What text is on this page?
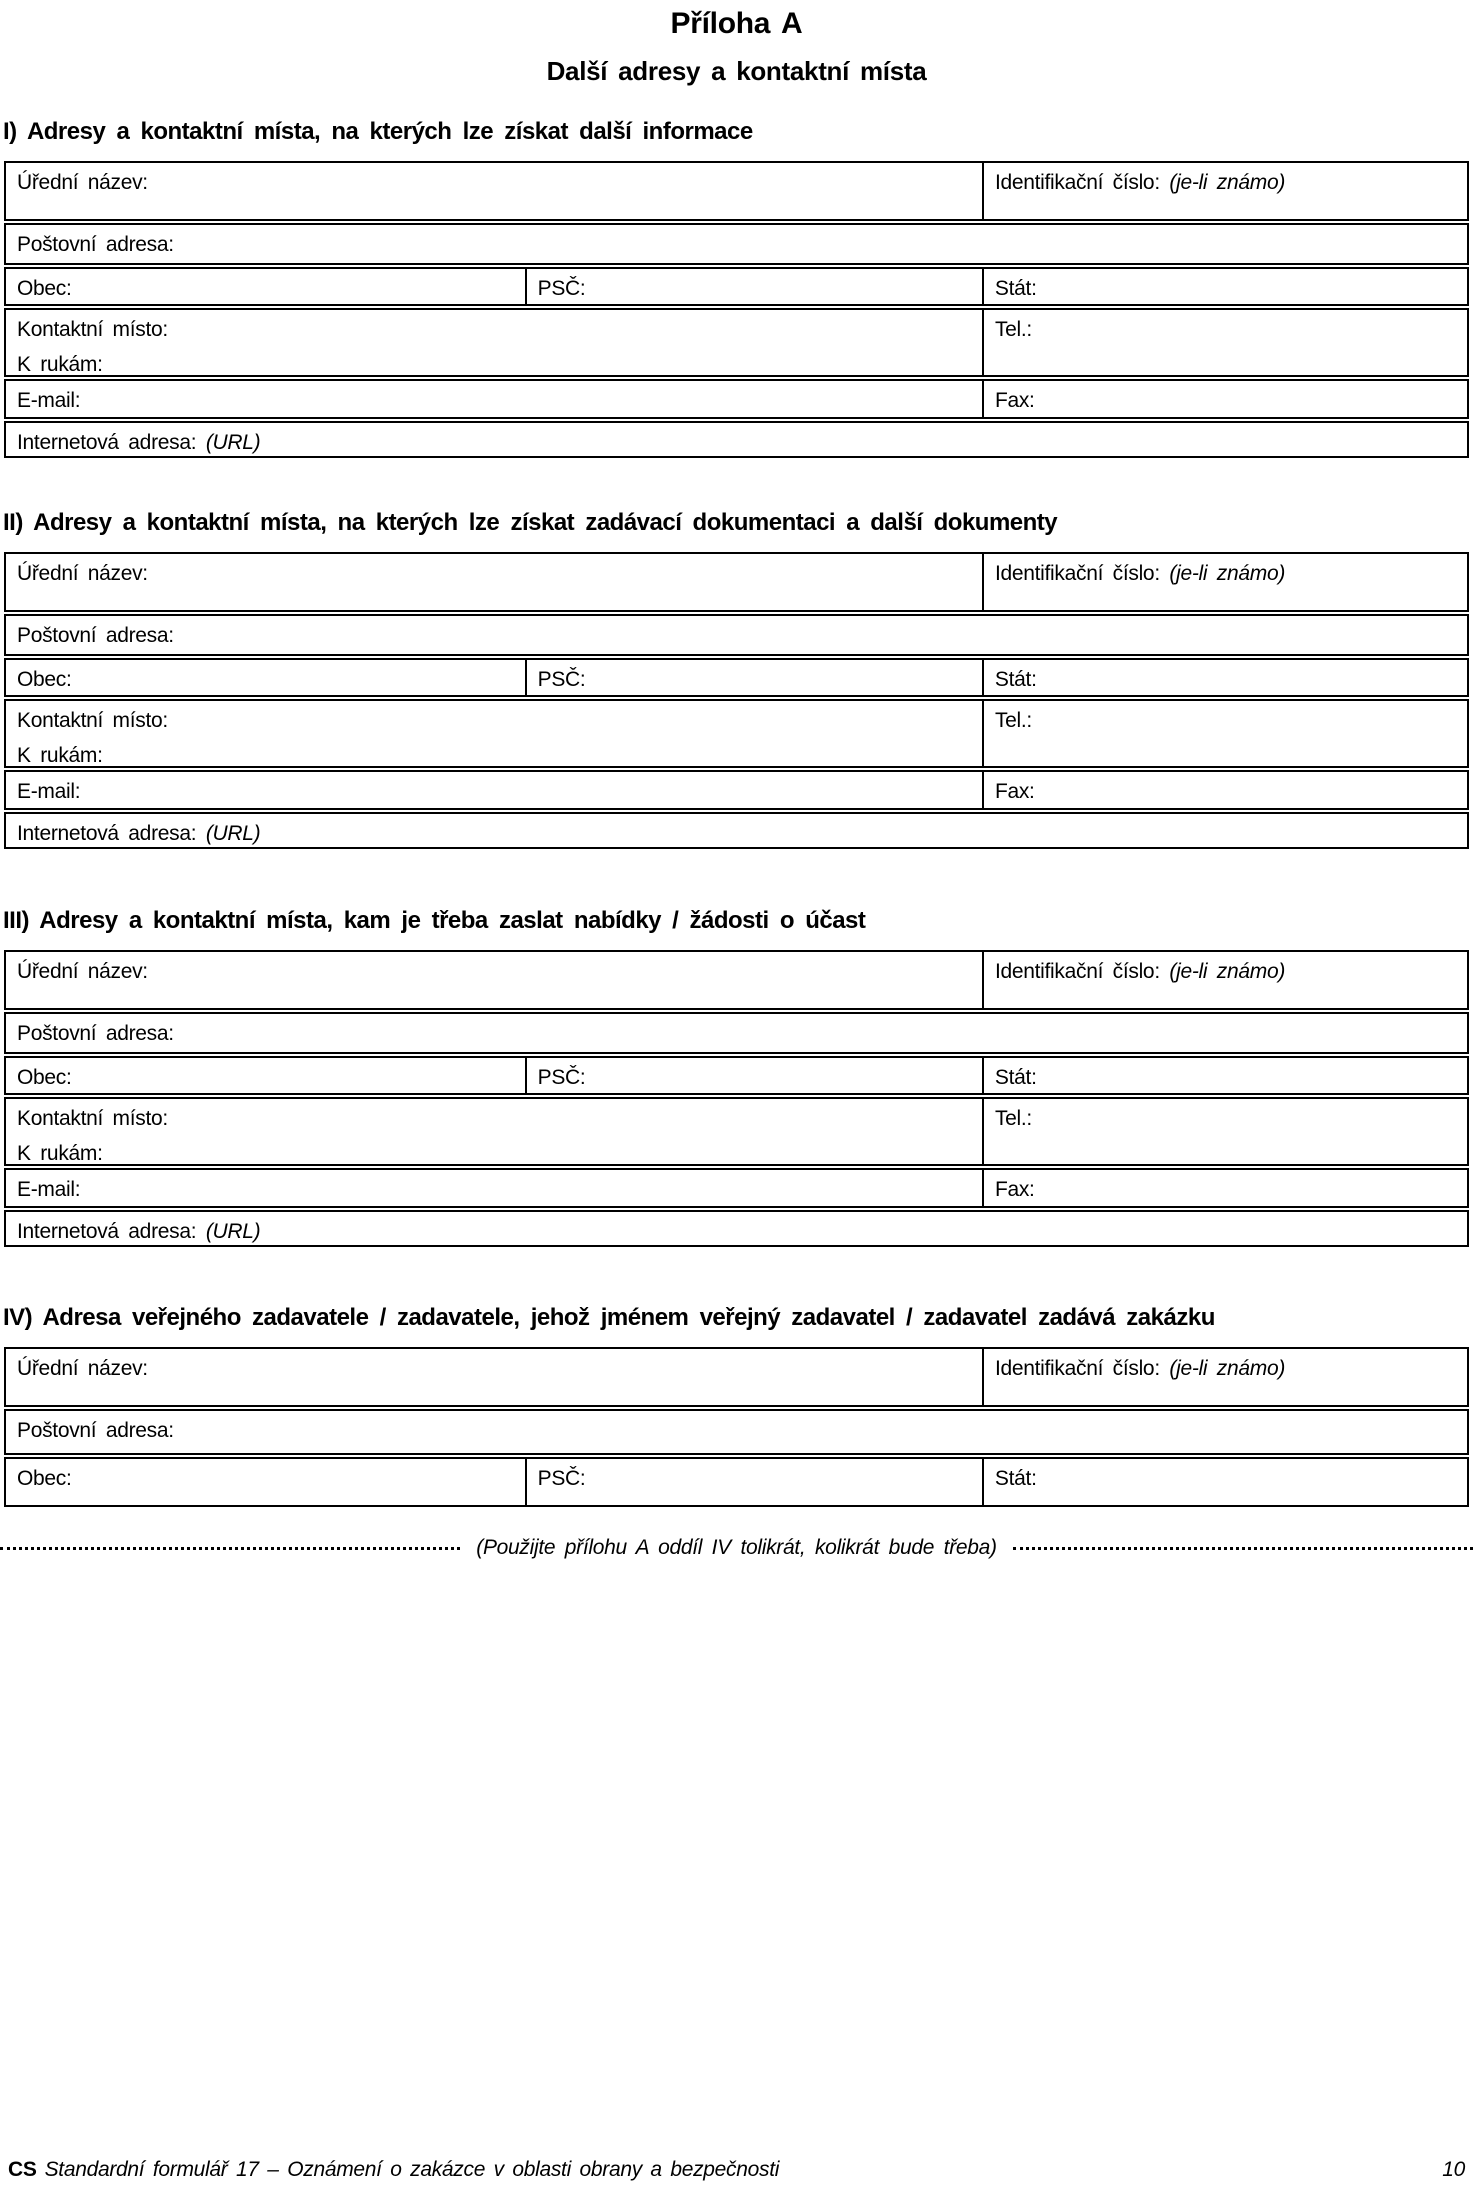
Příloha A
Další adresy a kontaktní místa
I) Adresy a kontaktní místa, na kterých lze získat další informace
Úřední název:	Identifikační číslo: (je-li známo)
Poštovní adresa:
Obec:	PSČ:	Stát:
Kontaktní místo:
K rukám:
Tel.:
E-mail:	Fax:
Internetová adresa: (URL)
II) Adresy a kontaktní místa, na kterých lze získat zadávací dokumentaci a další dokumenty
Úřední název:	Identifikační číslo: (je-li známo)
Poštovní adresa:
Obec:	PSČ:	Stát:
Kontaktní místo:
K rukám:
Tel.:
E-mail:	Fax:
Internetová adresa: (URL)
III) Adresy a kontaktní místa, kam je třeba zaslat nabídky / žádosti o účast
Úřední název:	Identifikační číslo: (je-li známo)
Poštovní adresa:
Obec:	PSČ:	Stát:
Kontaktní místo:
K rukám:
Tel.:
E-mail:	Fax:
Internetová adresa: (URL)
IV) Adresa veřejného zadavatele / zadavatele, jehož jménem veřejný zadavatel / zadavatel zadává zakázku
Úřední název:	Identifikační číslo: (je-li známo)
Poštovní adresa:
Obec:	PSČ:	Stát:
(Použijte přílohu A oddíl IV tolikrát, kolikrát bude třeba)
CS Standardní formulář 17 – Oznámení o zakázce v oblasti obrany a bezpečnosti	10
